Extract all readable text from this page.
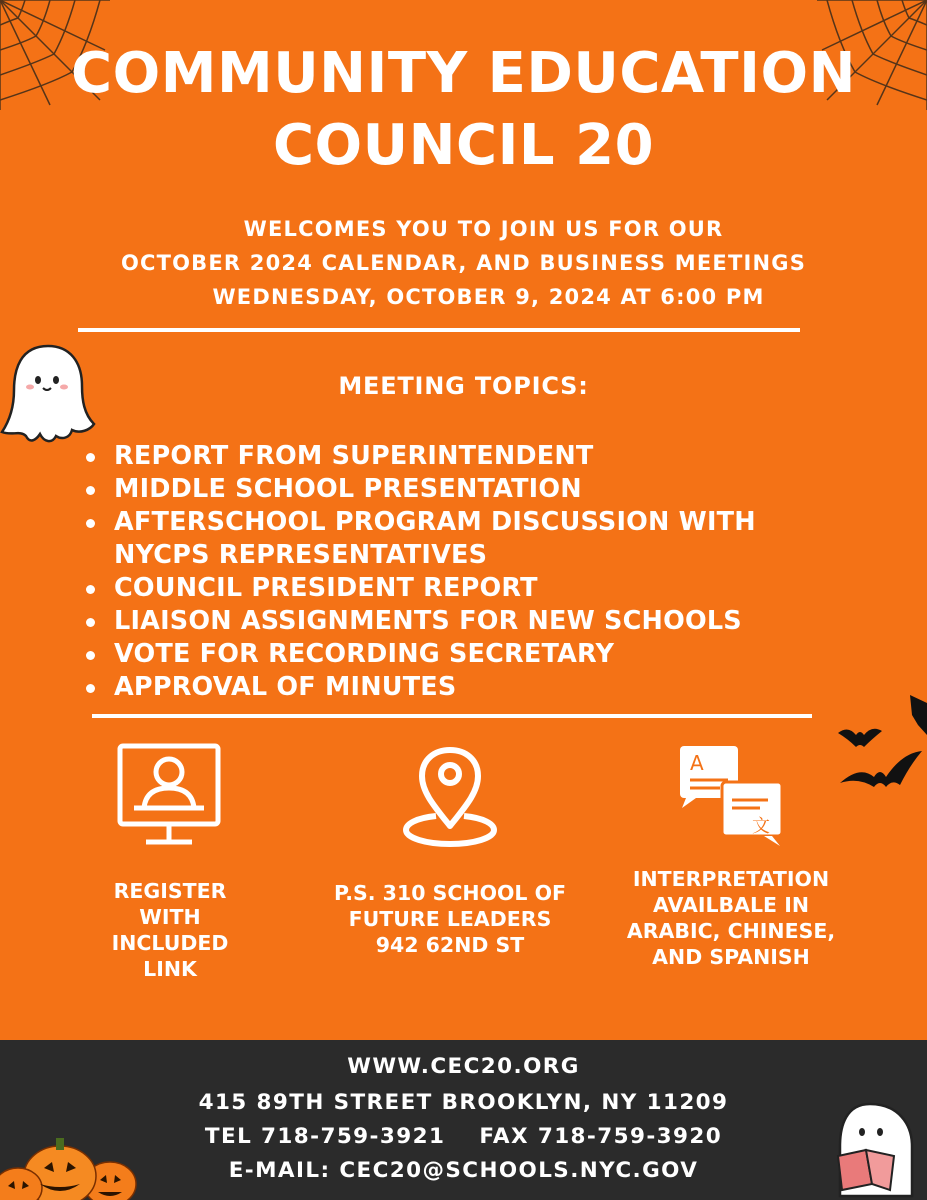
COMMUNITY EDUCATION
COUNCIL 20
WELCOMES YOU TO JOIN US FOR OUR
OCTOBER 2024 CALENDAR, AND BUSINESS MEETINGS
WEDNESDAY, OCTOBER 9, 2024 AT 6:00 PM
MEETING TOPICS:
REPORT FROM SUPERINTENDENT
MIDDLE SCHOOL PRESENTATION
AFTERSCHOOL PROGRAM DISCUSSION WITH NYCPS REPRESENTATIVES
COUNCIL PRESIDENT REPORT
LIAISON ASSIGNMENTS FOR NEW SCHOOLS
VOTE FOR RECORDING SECRETARY
APPROVAL OF MINUTES
A
文
REGISTER
WITH
INCLUDED
LINK
P.S. 310 SCHOOL OF
FUTURE LEADERS
942 62ND ST
INTERPRETATION
AVAILBALE IN
ARABIC, CHINESE,
AND SPANISH
WWW.CEC20.ORG
415 89TH STREET BROOKLYN, NY 11209
TEL 718-759-3921 FAX 718-759-3920
E-MAIL: CEC20@SCHOOLS.NYC.GOV
